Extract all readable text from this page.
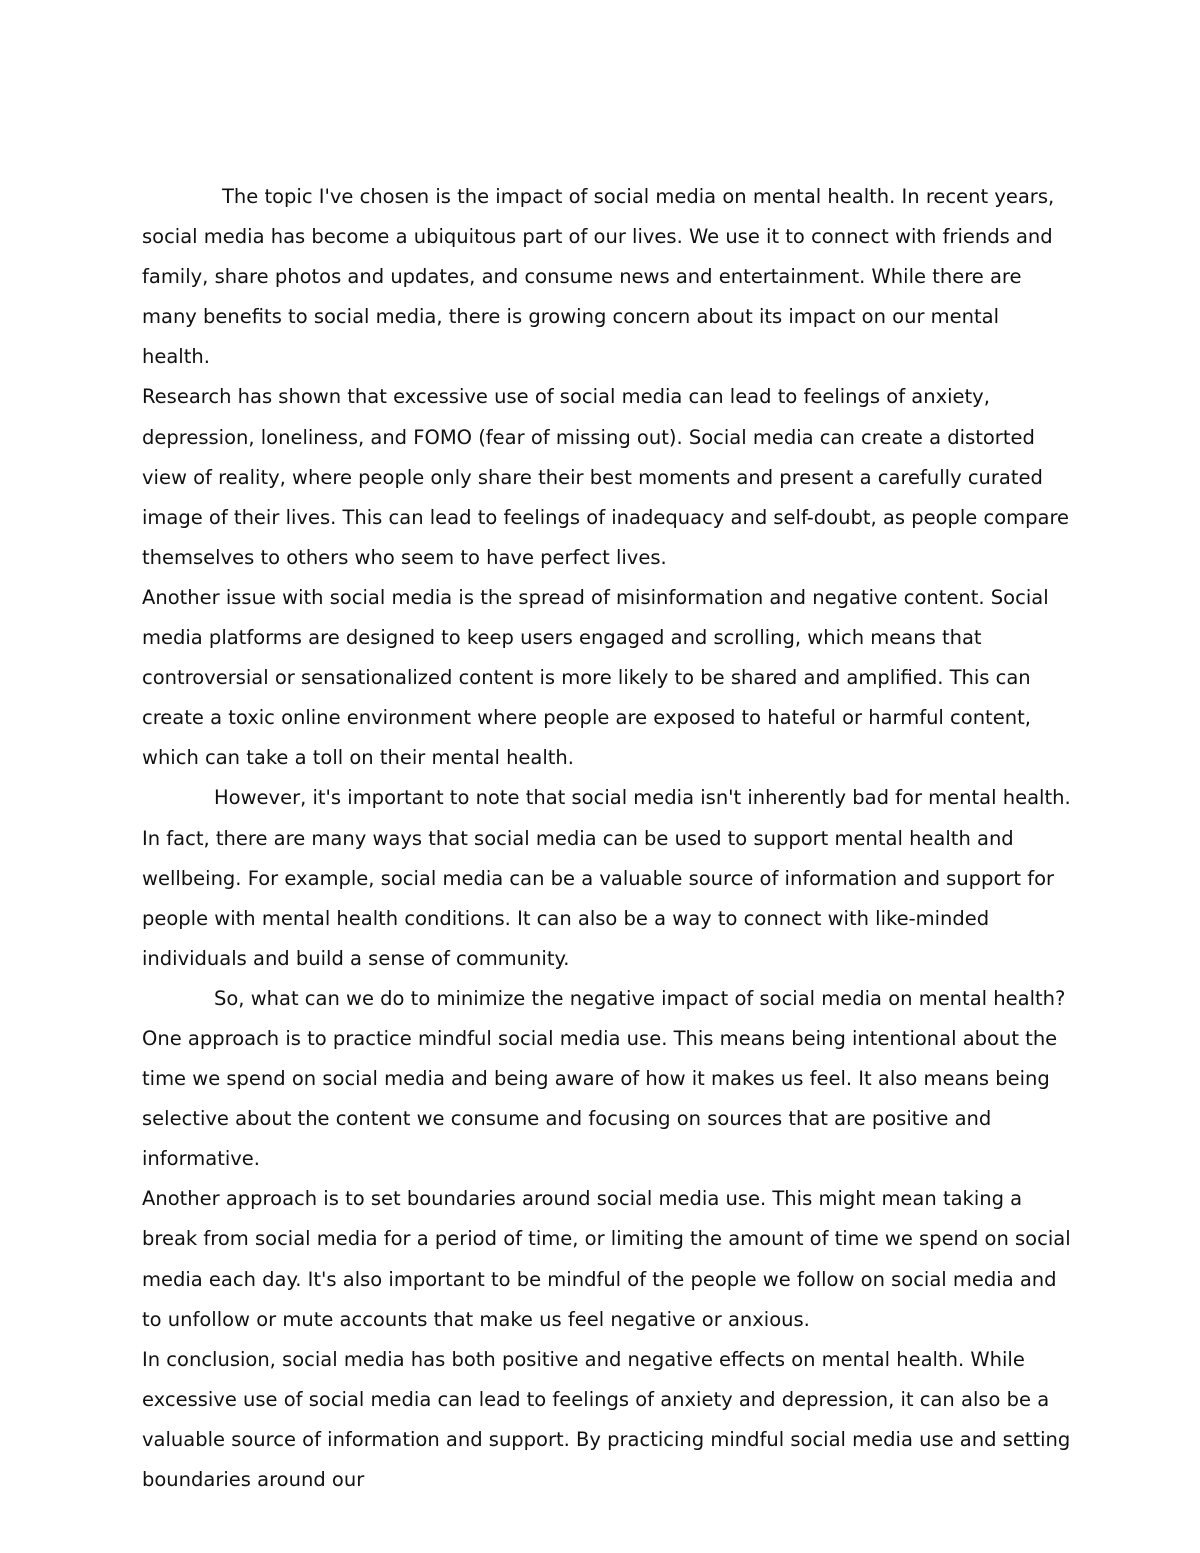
The topic I've chosen is the impact of social media on mental health. In recent years, social media has become a ubiquitous part of our lives. We use it to connect with friends and family, share photos and updates, and consume news and entertainment. While there are many benefits to social media, there is growing concern about its impact on our mental health.

Research has shown that excessive use of social media can lead to feelings of anxiety, depression, loneliness, and FOMO (fear of missing out). Social media can create a distorted view of reality, where people only share their best moments and present a carefully curated image of their lives. This can lead to feelings of inadequacy and self-doubt, as people compare themselves to others who seem to have perfect lives.

Another issue with social media is the spread of misinformation and negative content. Social media platforms are designed to keep users engaged and scrolling, which means that controversial or sensationalized content is more likely to be shared and amplified. This can create a toxic online environment where people are exposed to hateful or harmful content, which can take a toll on their mental health.

However, it's important to note that social media isn't inherently bad for mental health. In fact, there are many ways that social media can be used to support mental health and wellbeing. For example, social media can be a valuable source of information and support for people with mental health conditions. It can also be a way to connect with like-minded individuals and build a sense of community.

So, what can we do to minimize the negative impact of social media on mental health? One approach is to practice mindful social media use. This means being intentional about the time we spend on social media and being aware of how it makes us feel. It also means being selective about the content we consume and focusing on sources that are positive and informative.

Another approach is to set boundaries around social media use. This might mean taking a break from social media for a period of time, or limiting the amount of time we spend on social media each day. It's also important to be mindful of the people we follow on social media and to unfollow or mute accounts that make us feel negative or anxious.

In conclusion, social media has both positive and negative effects on mental health. While excessive use of social media can lead to feelings of anxiety and depression, it can also be a valuable source of information and support. By practicing mindful social media use and setting boundaries around our
